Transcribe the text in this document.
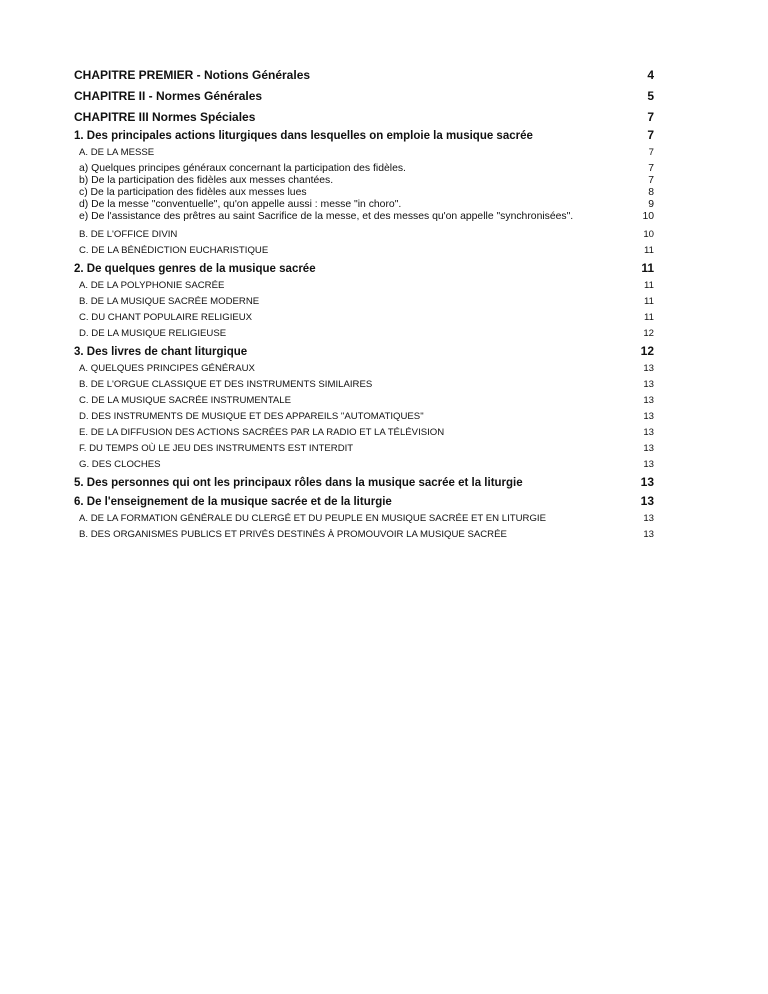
CHAPITRE PREMIER - Notions Générales	4
CHAPITRE II - Normes Générales	5
CHAPITRE III Normes Spéciales	7
1. Des principales actions liturgiques dans lesquelles on emploie la musique sacrée	7
A. DE LA MESSE	7
a) Quelques principes généraux concernant la participation des fidèles.	7
b) De la participation des fidèles aux messes chantées.	7
c) De la participation des fidèles aux messes lues	8
d) De la messe "conventuelle", qu'on appelle aussi : messe "in choro".	9
e) De l'assistance des prêtres au saint Sacrifice de la messe, et des messes qu'on appelle "synchronisées".	10
B. DE L'OFFICE DIVIN	10
C. DE LA BÉNÉDICTION EUCHARISTIQUE	11
2. De quelques genres de la musique sacrée	11
A. DE LA POLYPHONIE SACRÉE	11
B. DE LA MUSIQUE SACRÉE MODERNE	11
C. DU CHANT POPULAIRE RELIGIEUX	11
D. DE LA MUSIQUE RELIGIEUSE	12
3. Des livres de chant liturgique	12
A. QUELQUES PRINCIPES GÉNÉRAUX	13
B. DE L'ORGUE CLASSIQUE ET DES INSTRUMENTS SIMILAIRES	13
C. DE LA MUSIQUE SACRÉE INSTRUMENTALE	13
D. DES INSTRUMENTS DE MUSIQUE ET DES APPAREILS "AUTOMATIQUES"	13
E. DE LA DIFFUSION DES ACTIONS SACRÉES PAR LA RADIO ET LA TÉLÉVISION	13
F. DU TEMPS OÙ LE JEU DES INSTRUMENTS EST INTERDIT	13
G. DES CLOCHES	13
5. Des personnes qui ont les principaux rôles dans la musique sacrée et la liturgie	13
6. De l'enseignement de la musique sacrée et de la liturgie	13
A. DE LA FORMATION GÉNÉRALE DU CLERGÉ ET DU PEUPLE EN MUSIQUE SACRÉE ET EN LITURGIE	13
B. DES ORGANISMES PUBLICS ET PRIVÉS DESTINÉS À PROMOUVOIR LA MUSIQUE SACRÉE	13
